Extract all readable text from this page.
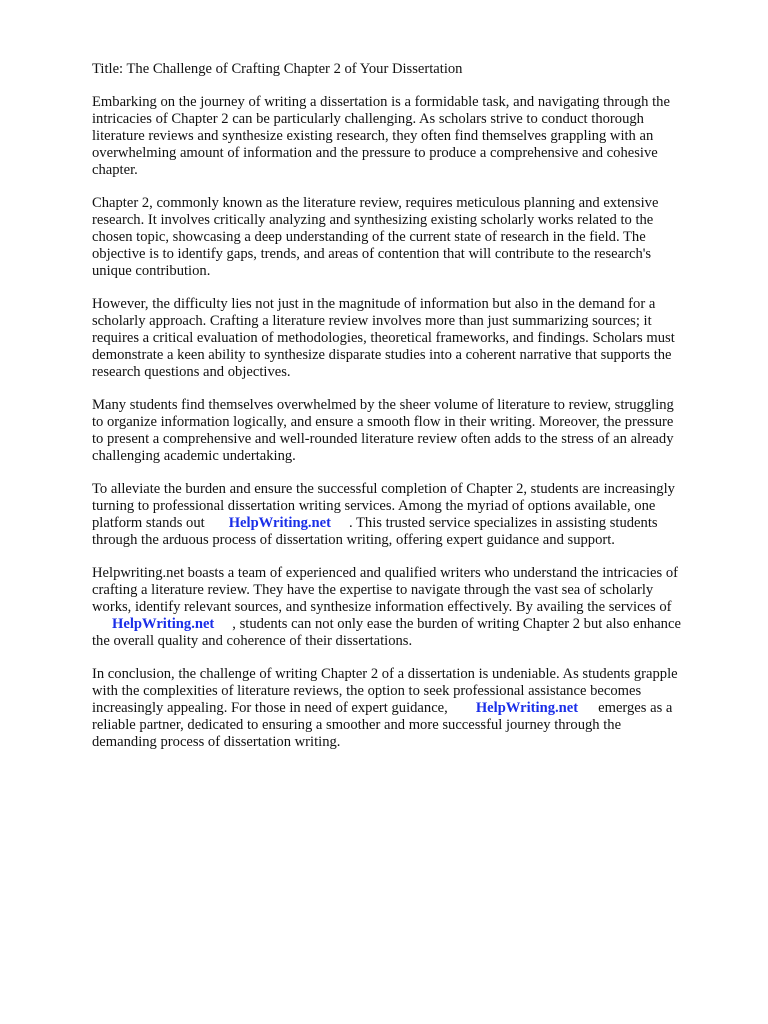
Title: The Challenge of Crafting Chapter 2 of Your Dissertation

Embarking on the journey of writing a dissertation is a formidable task, and navigating through the
intricacies of Chapter 2 can be particularly challenging. As scholars strive to conduct thorough
literature reviews and synthesize existing research, they often find themselves grappling with an
overwhelming amount of information and the pressure to produce a comprehensive and cohesive
chapter.

Chapter 2, commonly known as the literature review, requires meticulous planning and extensive
research. It involves critically analyzing and synthesizing existing scholarly works related to the
chosen topic, showcasing a deep understanding of the current state of research in the field. The
objective is to identify gaps, trends, and areas of contention that will contribute to the research's
unique contribution.

However, the difficulty lies not just in the magnitude of information but also in the demand for a
scholarly approach. Crafting a literature review involves more than just summarizing sources; it
requires a critical evaluation of methodologies, theoretical frameworks, and findings. Scholars must
demonstrate a keen ability to synthesize disparate studies into a coherent narrative that supports the
research questions and objectives.

Many students find themselves overwhelmed by the sheer volume of literature to review, struggling
to organize information logically, and ensure a smooth flow in their writing. Moreover, the pressure
to present a comprehensive and well-rounded literature review often adds to the stress of an already
challenging academic undertaking.

To alleviate the burden and ensure the successful completion of Chapter 2, students are increasingly
turning to professional dissertation writing services. Among the myriad of options available, one
platform stands out HelpWriting.net . This trusted service specializes in assisting students
through the arduous process of dissertation writing, offering expert guidance and support.

Helpwriting.net boasts a team of experienced and qualified writers who understand the intricacies of
crafting a literature review. They have the expertise to navigate through the vast sea of scholarly
works, identify relevant sources, and synthesize information effectively. By availing the services of
HelpWriting.net , students can not only ease the burden of writing Chapter 2 but also enhance
the overall quality and coherence of their dissertations.

In conclusion, the challenge of writing Chapter 2 of a dissertation is undeniable. As students grapple
with the complexities of literature reviews, the option to seek professional assistance becomes
increasingly appealing. For those in need of expert guidance, HelpWriting.net emerges as a
reliable partner, dedicated to ensuring a smoother and more successful journey through the
demanding process of dissertation writing.
